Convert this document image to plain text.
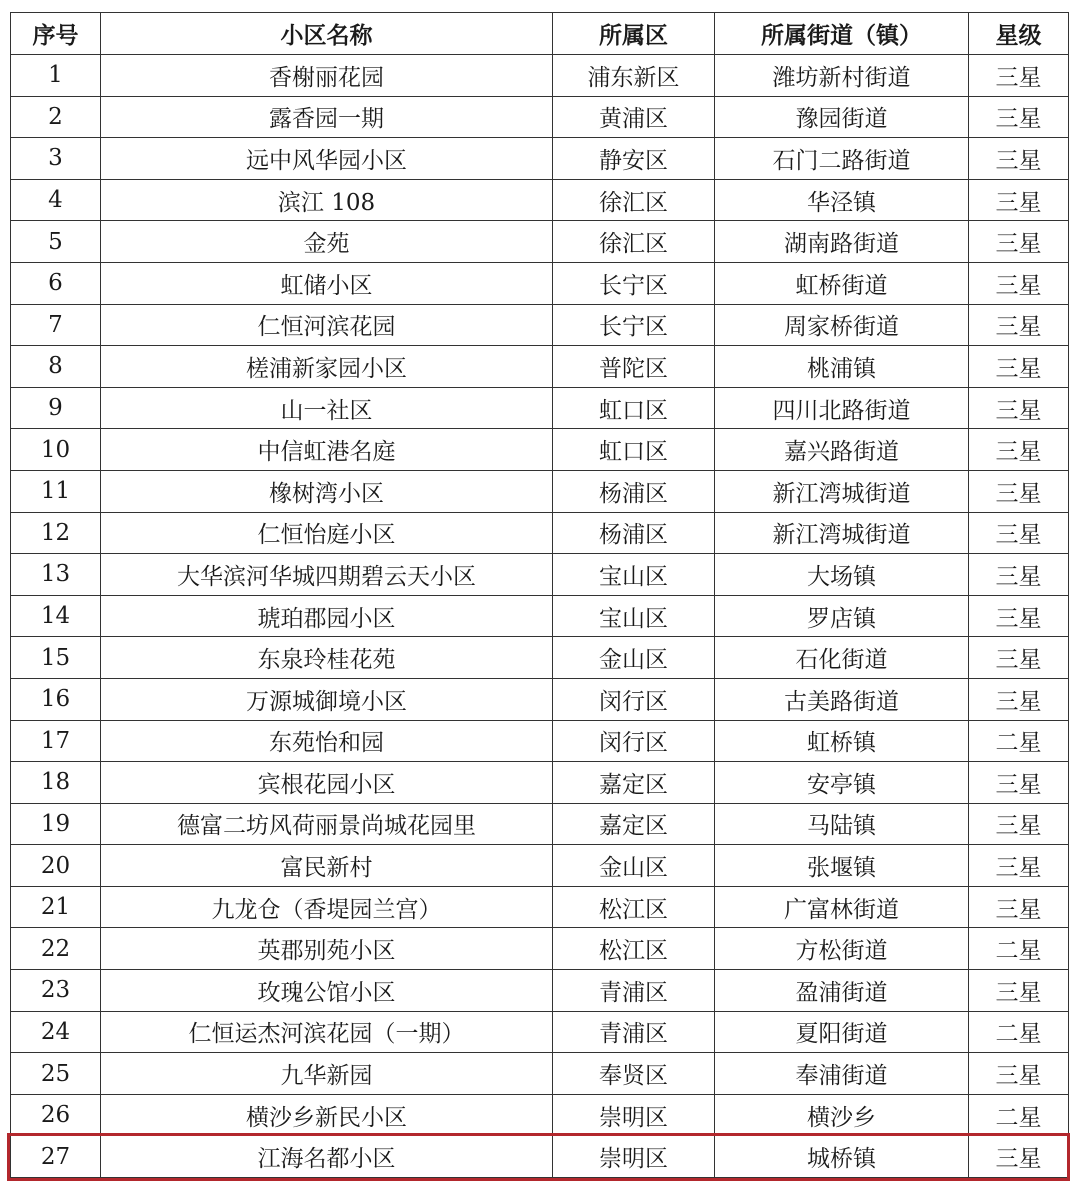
序号	小区名称	所属区	所属街道（镇）	星级
1	香榭丽花园	浦东新区	潍坊新村街道	三星
2	露香园一期	黄浦区	豫园街道	三星
3	远中风华园小区	静安区	石门二路街道	三星
4	滨江 108	徐汇区	华泾镇	三星
5	金苑	徐汇区	湖南路街道	三星
6	虹储小区	长宁区	虹桥街道	三星
7	仁恒河滨花园	长宁区	周家桥街道	三星
8	槎浦新家园小区	普陀区	桃浦镇	三星
9	山一社区	虹口区	四川北路街道	三星
10	中信虹港名庭	虹口区	嘉兴路街道	三星
11	橡树湾小区	杨浦区	新江湾城街道	三星
12	仁恒怡庭小区	杨浦区	新江湾城街道	三星
13	大华滨河华城四期碧云天小区	宝山区	大场镇	三星
14	琥珀郡园小区	宝山区	罗店镇	三星
15	东泉玲桂花苑	金山区	石化街道	三星
16	万源城御境小区	闵行区	古美路街道	三星
17	东苑怡和园	闵行区	虹桥镇	二星
18	宾根花园小区	嘉定区	安亭镇	三星
19	德富二坊风荷丽景尚城花园里	嘉定区	马陆镇	三星
20	富民新村	金山区	张堰镇	三星
21	九龙仓（香堤园兰宫）	松江区	广富林街道	三星
22	英郡别苑小区	松江区	方松街道	二星
23	玫瑰公馆小区	青浦区	盈浦街道	三星
24	仁恒运杰河滨花园（一期）	青浦区	夏阳街道	二星
25	九华新园	奉贤区	奉浦街道	三星
26	横沙乡新民小区	崇明区	横沙乡	二星
27	江海名都小区	崇明区	城桥镇	三星
